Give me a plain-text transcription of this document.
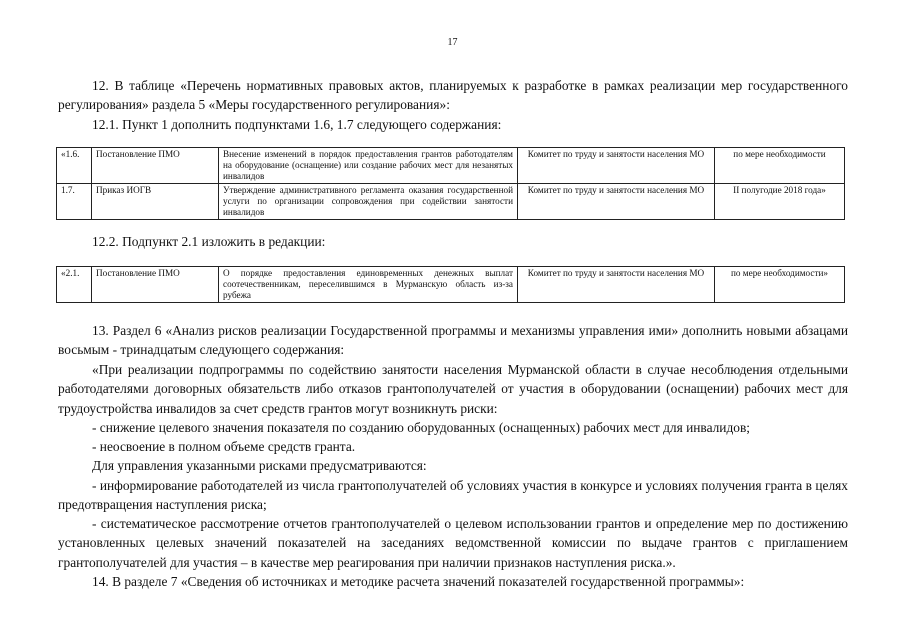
17

12. В таблице «Перечень нормативных правовых актов, планируемых к разработке в рамках реализации мер государственного регулирования» раздела 5 «Меры государственного регулирования»:

12.1. Пункт 1 дополнить подпунктами 1.6, 1.7 следующего содержания:

«1.6.	Постановление ПМО	Внесение изменений в порядок предоставления грантов работодателям на оборудование (оснащение) или создание рабочих мест для незанятых инвалидов	Комитет по труду и занятости населения МО	по мере необходимости
1.7.	Приказ ИОГВ	Утверждение административного регламента оказания государственной услуги по организации сопровождения при содействии занятости инвалидов	Комитет по труду и занятости населения МО	II полугодие 2018 года»

12.2. Подпункт 2.1 изложить в редакции:

«2.1.	Постановление ПМО	О порядке предоставления единовременных денежных выплат соотечественникам, переселившимся в Мурманскую область из-за рубежа	Комитет по труду и занятости населения МО	по мере необходимости»

13. Раздел 6 «Анализ рисков реализации Государственной программы и механизмы управления ими» дополнить новыми абзацами восьмым - тринадцатым следующего содержания:

«При реализации подпрограммы по содействию занятости населения Мурманской области в случае несоблюдения отдельными работодателями договорных обязательств либо отказов грантополучателей от участия в оборудовании (оснащении) рабочих мест для трудоустройства инвалидов за счет средств грантов могут возникнуть риски:

- снижение целевого значения показателя по созданию оборудованных (оснащенных) рабочих мест для инвалидов;

- неосвоение в полном объеме средств гранта.

Для управления указанными рисками предусматриваются:

- информирование работодателей из числа грантополучателей об условиях участия в конкурсе и условиях получения гранта в целях предотвращения наступления риска;

- систематическое рассмотрение отчетов грантополучателей о целевом использовании грантов и определение мер по достижению установленных целевых значений показателей на заседаниях ведомственной комиссии по выдаче грантов с приглашением грантополучателей для участия – в качестве мер реагирования при наличии признаков наступления риска.».

14. В разделе 7 «Сведения об источниках и методике расчета значений показателей государственной программы»:
